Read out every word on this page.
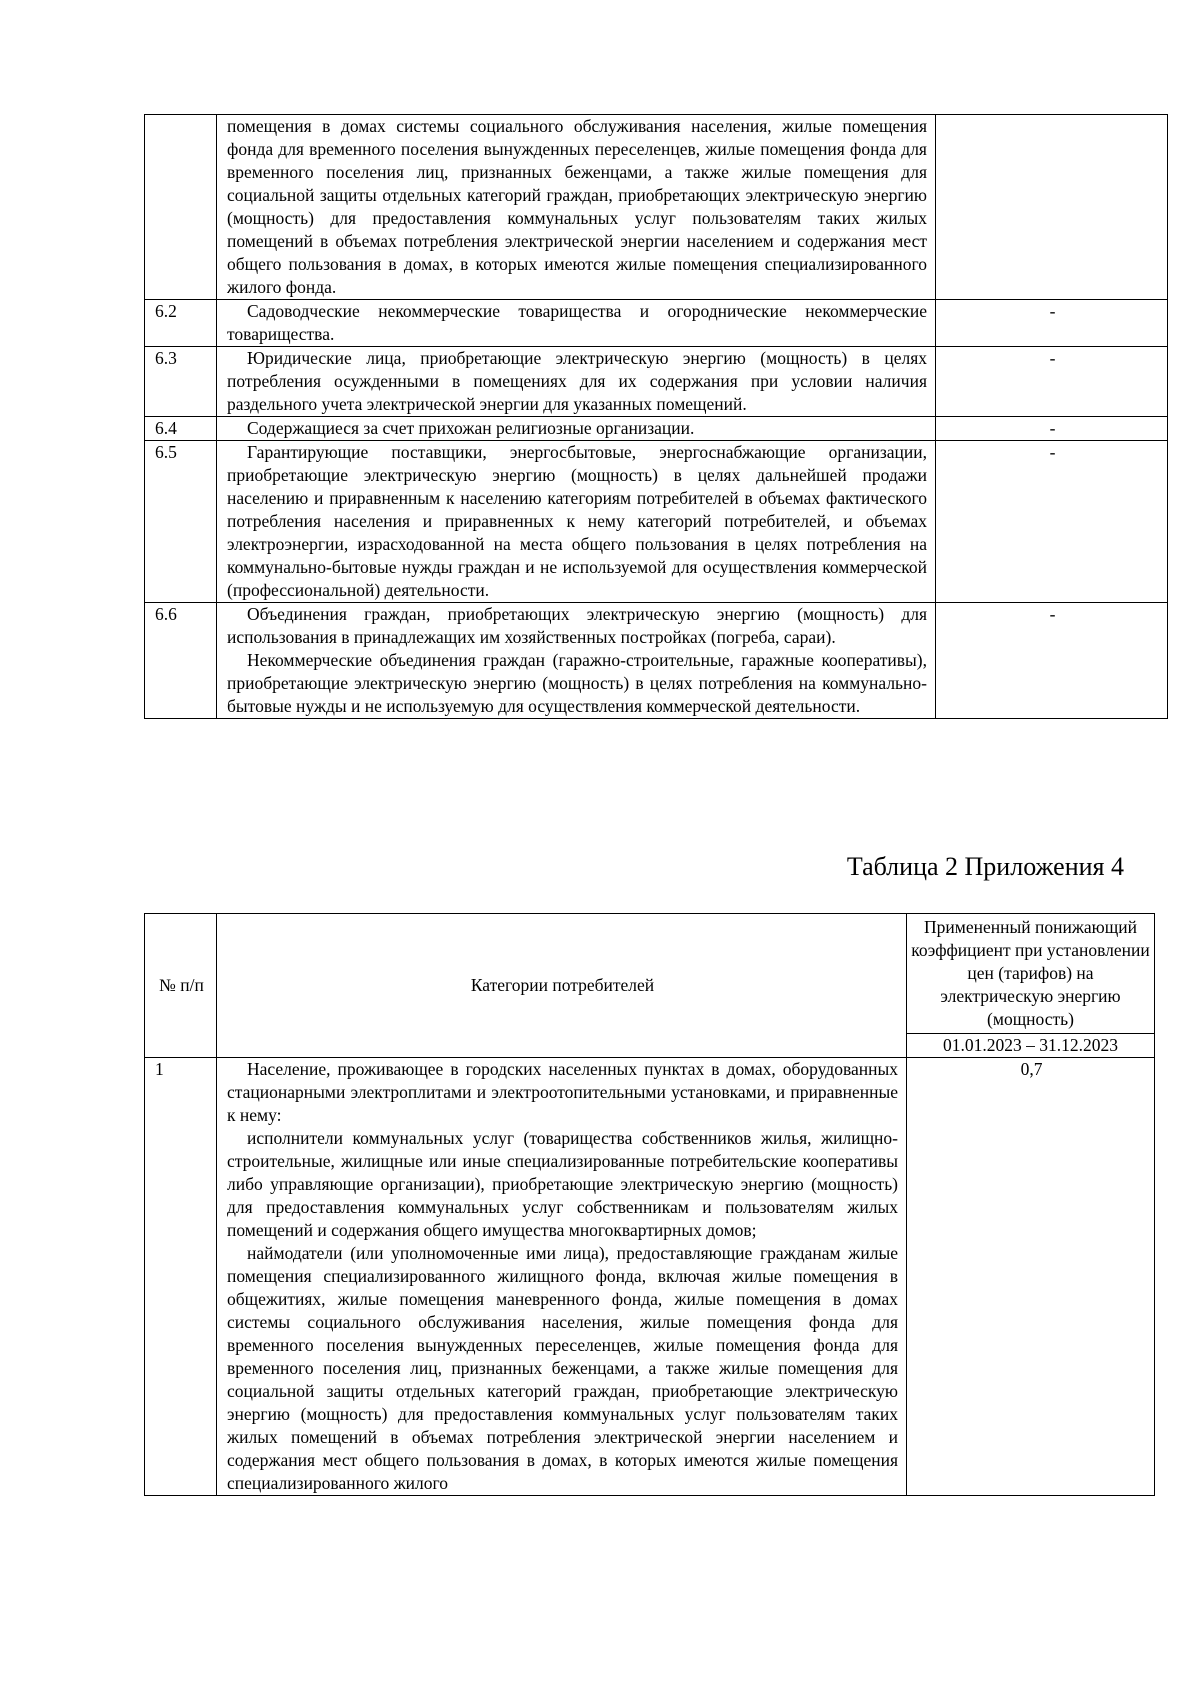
	помещения в домах системы социального обслуживания населения, жилые помещения фонда для временного поселения вынужденных переселенцев, жилые помещения фонда для временного поселения лиц, признанных беженцами, а также жилые помещения для социальной защиты отдельных категорий граждан, приобретающих электрическую энергию (мощность) для предоставления коммунальных услуг пользователям таких жилых помещений в объемах потребления электрической энергии населением и содержания мест общего пользования в домах, в которых имеются жилые помещения специализированного жилого фонда.	

6.2	Садоводческие некоммерческие товарищества и огороднические некоммерческие товарищества.	-
6.3	Юридические лица, приобретающие электрическую энергию (мощность) в целях потребления осужденными в помещениях для их содержания при условии наличия раздельного учета электрической энергии для указанных помещений.	-
6.4	Содержащиеся за счет прихожан религиозные организации.	-
6.5	Гарантирующие поставщики, энергосбытовые, энергоснабжающие организации, приобретающие электрическую энергию (мощность) в целях дальнейшей продажи населению и приравненным к населению категориям потребителей в объемах фактического потребления населения и приравненных к нему категорий потребителей, и объемах электроэнергии, израсходованной на места общего пользования в целях потребления на коммунально-бытовые нужды граждан и не используемой для осуществления коммерческой (профессиональной) деятельности.	-
6.6	Объединения граждан, приобретающих электрическую энергию (мощность) для использования в принадлежащих им хозяйственных постройках (погреба, сараи).

Некоммерческие объединения граждан (гаражно-строительные, гаражные кооперативы), приобретающие электрическую энергию (мощность) в целях потребления на коммунально-бытовые нужды и не используемую для осуществления коммерческой деятельности.	-
Таблица 2 Приложения 4
№ п/п	Категории потребителей	Примененный понижающий коэффициент при установлении цен (тарифов) на электрическую энергию (мощность)
		01.01.2023 – 31.12.2023
1	Население, проживающее в городских населенных пунктах в домах, оборудованных стационарными электроплитами и электроотопительными установками, и приравненные к нему:

исполнители коммунальных услуг (товарищества собственников жилья, жилищно-строительные, жилищные или иные специализированные потребительские кооперативы либо управляющие организации), приобретающие электрическую энергию (мощность) для предоставления коммунальных услуг собственникам и пользователям жилых помещений и содержания общего имущества многоквартирных домов;

наймодатели (или уполномоченные ими лица), предоставляющие гражданам жилые помещения специализированного жилищного фонда, включая жилые помещения в общежитиях, жилые помещения маневренного фонда, жилые помещения в домах системы социального обслуживания населения, жилые помещения фонда для временного поселения вынужденных переселенцев, жилые помещения фонда для временного поселения лиц, признанных беженцами, а также жилые помещения для социальной защиты отдельных категорий граждан, приобретающие электрическую энергию (мощность) для предоставления коммунальных услуг пользователям таких жилых помещений в объемах потребления электрической энергии населением и содержания мест общего пользования в домах, в которых имеются жилые помещения специализированного жилого	0,7
